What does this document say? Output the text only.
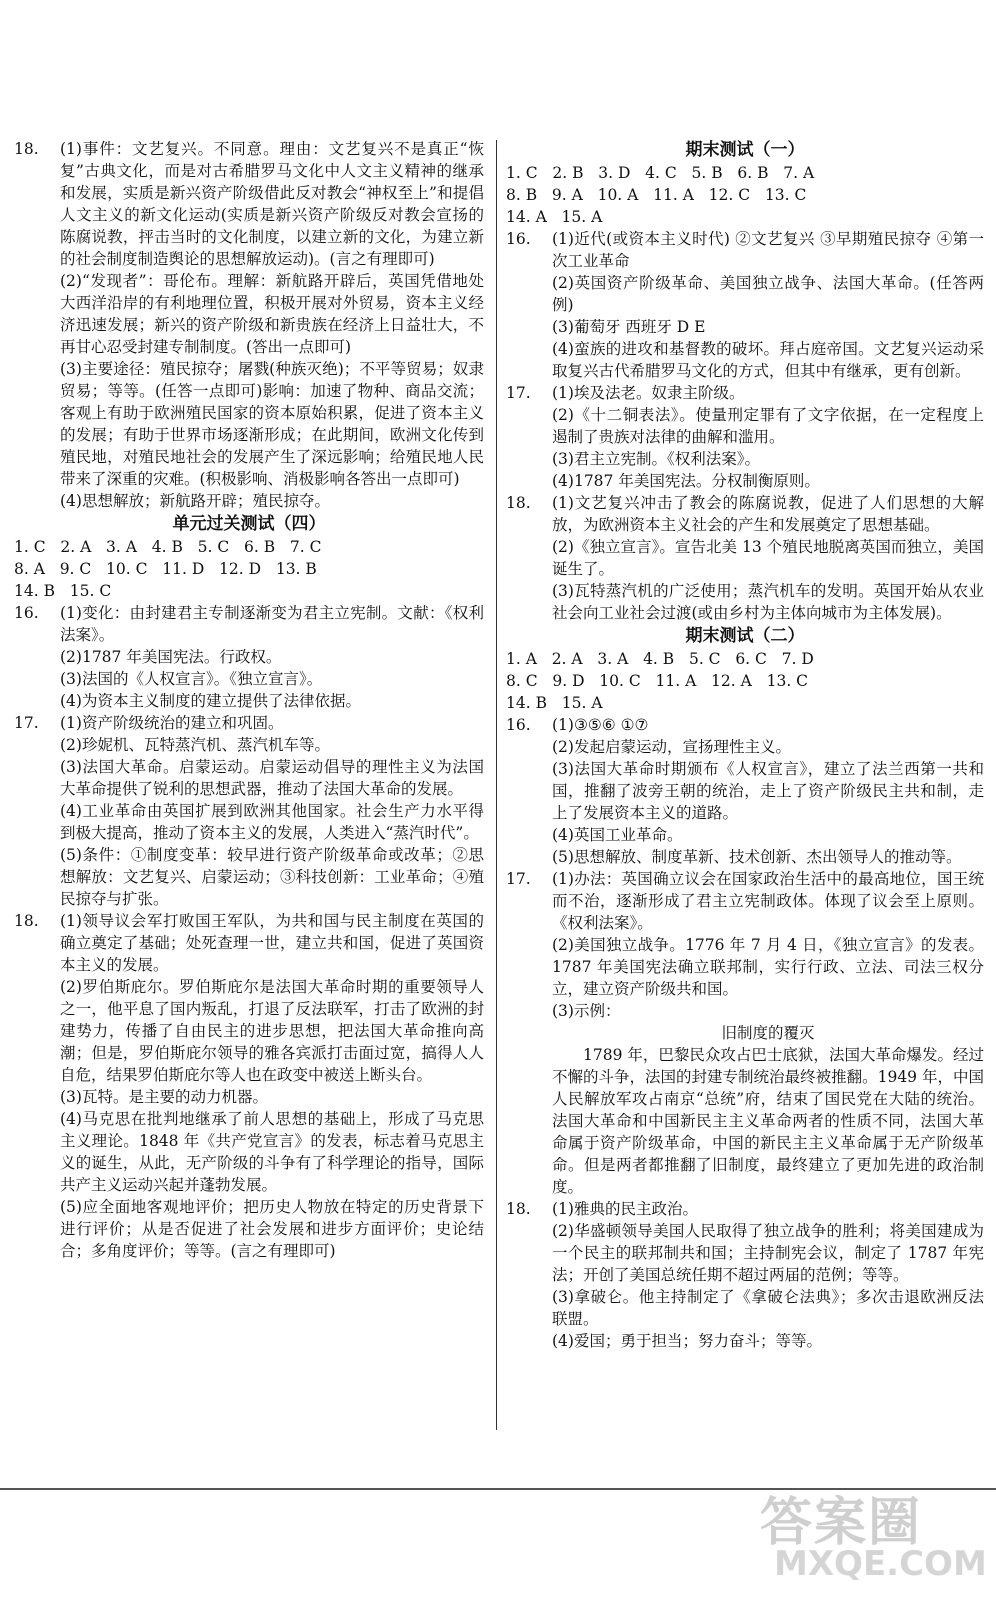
18.	(1)事件：文艺复兴。不同意。理由：文艺复兴不是真正“恢复”古典文化，而是对古希腊罗马文化中人文主义精神的继承和发展，实质是新兴资产阶级借此反对教会“神权至上”和提倡人文主义的新文化运动(实质是新兴资产阶级反对教会宣扬的陈腐说教，抨击当时的文化制度，以建立新的文化，为建立新的社会制度制造舆论的思想解放运动)。(言之有理即可)

(2)“发现者”：哥伦布。理解：新航路开辟后，英国凭借地处大西洋沿岸的有利地理位置，积极开展对外贸易，资本主义经济迅速发展；新兴的资产阶级和新贵族在经济上日益壮大，不再甘心忍受封建专制制度。(答出一点即可)

(3)主要途径：殖民掠夺；屠戮(种族灭绝)；不平等贸易；奴隶贸易；等等。(任答一点即可)影响：加速了物种、商品交流；客观上有助于欧洲殖民国家的资本原始积累，促进了资本主义的发展；有助于世界市场逐渐形成；在此期间，欧洲文化传到殖民地，对殖民地社会的发展产生了深远影响；给殖民地人民带来了深重的灾难。(积极影响、消极影响各答出一点即可)

(4)思想解放；新航路开辟；殖民掠夺。

单元过关测试（四）
1. C   2. A   3. A   4. B   5. C   6. B   7. C
8. A   9. C   10. C   11. D   12. D   13. B
14. B   15. C
16.	(1)变化：由封建君主专制逐渐变为君主立宪制。文献：《权利法案》。

(2)1787 年美国宪法。行政权。

(3)法国的《人权宣言》。《独立宣言》。

(4)为资本主义制度的建立提供了法律依据。

17.	(1)资产阶级统治的建立和巩固。

(2)珍妮机、瓦特蒸汽机、蒸汽机车等。

(3)法国大革命。启蒙运动。启蒙运动倡导的理性主义为法国大革命提供了锐利的思想武器，推动了法国大革命的发展。

(4)工业革命由英国扩展到欧洲其他国家。社会生产力水平得到极大提高，推动了资本主义的发展，人类进入“蒸汽时代”。

(5)条件：①制度变革：较早进行资产阶级革命或改革；②思想解放：文艺复兴、启蒙运动；③科技创新：工业革命；④殖民掠夺与扩张。

18.	(1)领导议会军打败国王军队，为共和国与民主制度在英国的确立奠定了基础；处死查理一世，建立共和国，促进了英国资本主义的发展。

(2)罗伯斯庇尔。罗伯斯庇尔是法国大革命时期的重要领导人之一，他平息了国内叛乱，打退了反法联军，打击了欧洲的封建势力，传播了自由民主的进步思想，把法国大革命推向高潮；但是，罗伯斯庇尔领导的雅各宾派打击面过宽，搞得人人自危，结果罗伯斯庇尔等人也在政变中被送上断头台。

(3)瓦特。是主要的动力机器。

(4)马克思在批判地继承了前人思想的基础上，形成了马克思主义理论。1848 年《共产党宣言》的发表，标志着马克思主义的诞生，从此，无产阶级的斗争有了科学理论的指导，国际共产主义运动兴起并蓬勃发展。

(5)应全面地客观地评价；把历史人物放在特定的历史背景下进行评价；从是否促进了社会发展和进步方面评价；史论结合；多角度评价；等等。(言之有理即可)

期末测试（一）
1. C   2. B   3. D   4. C   5. B   6. B   7. A
8. B   9. A   10. A   11. A   12. C   13. C
14. A   15. A
16.	(1)近代(或资本主义时代) ②文艺复兴 ③早期殖民掠夺 ④第一次工业革命

(2)英国资产阶级革命、美国独立战争、法国大革命。(任答两例)

(3)葡萄牙 西班牙 D E

(4)蛮族的进攻和基督教的破坏。拜占庭帝国。文艺复兴运动采取复兴古代希腊罗马文化的方式，但其中有继承，更有创新。

17.	(1)埃及法老。奴隶主阶级。

(2)《十二铜表法》。使量刑定罪有了文字依据，在一定程度上遏制了贵族对法律的曲解和滥用。

(3)君主立宪制。《权利法案》。

(4)1787 年美国宪法。分权制衡原则。

18.	(1)文艺复兴冲击了教会的陈腐说教，促进了人们思想的大解放，为欧洲资本主义社会的产生和发展奠定了思想基础。

(2)《独立宣言》。宣告北美 13 个殖民地脱离英国而独立，美国诞生了。

(3)瓦特蒸汽机的广泛使用；蒸汽机车的发明。英国开始从农业社会向工业社会过渡(或由乡村为主体向城市为主体发展)。

期末测试（二）
1. A   2. A   3. A   4. B   5. C   6. C   7. D
8. C   9. D   10. C   11. A   12. A   13. C
14. B   15. A
16.	(1)③⑤⑥ ①⑦

(2)发起启蒙运动，宣扬理性主义。

(3)法国大革命时期颁布《人权宣言》，建立了法兰西第一共和国，推翻了波旁王朝的统治，走上了资产阶级民主共和制，走上了发展资本主义的道路。

(4)英国工业革命。

(5)思想解放、制度革新、技术创新、杰出领导人的推动等。

17.	(1)办法：英国确立议会在国家政治生活中的最高地位，国王统而不治，逐渐形成了君主立宪制政体。体现了议会至上原则。《权利法案》。

(2)美国独立战争。1776 年 7 月 4 日，《独立宣言》的发表。1787 年美国宪法确立联邦制，实行行政、立法、司法三权分立，建立资产阶级共和国。

(3)示例：

旧制度的覆灭

1789 年，巴黎民众攻占巴士底狱，法国大革命爆发。经过不懈的斗争，法国的封建专制统治最终被推翻。1949 年，中国人民解放军攻占南京“总统”府，结束了国民党在大陆的统治。法国大革命和中国新民主主义革命两者的性质不同，法国大革命属于资产阶级革命，中国的新民主主义革命属于无产阶级革命。但是两者都推翻了旧制度，最终建立了更加先进的政治制度。

18.	(1)雅典的民主政治。

(2)华盛顿领导美国人民取得了独立战争的胜利；将美国建成为一个民主的联邦制共和国；主持制宪会议，制定了 1787 年宪法；开创了美国总统任期不超过两届的范例；等等。

(3)拿破仑。他主持制定了《拿破仑法典》；多次击退欧洲反法联盟。

(4)爱国；勇于担当；努力奋斗；等等。

答案圈
MXQE.COM
